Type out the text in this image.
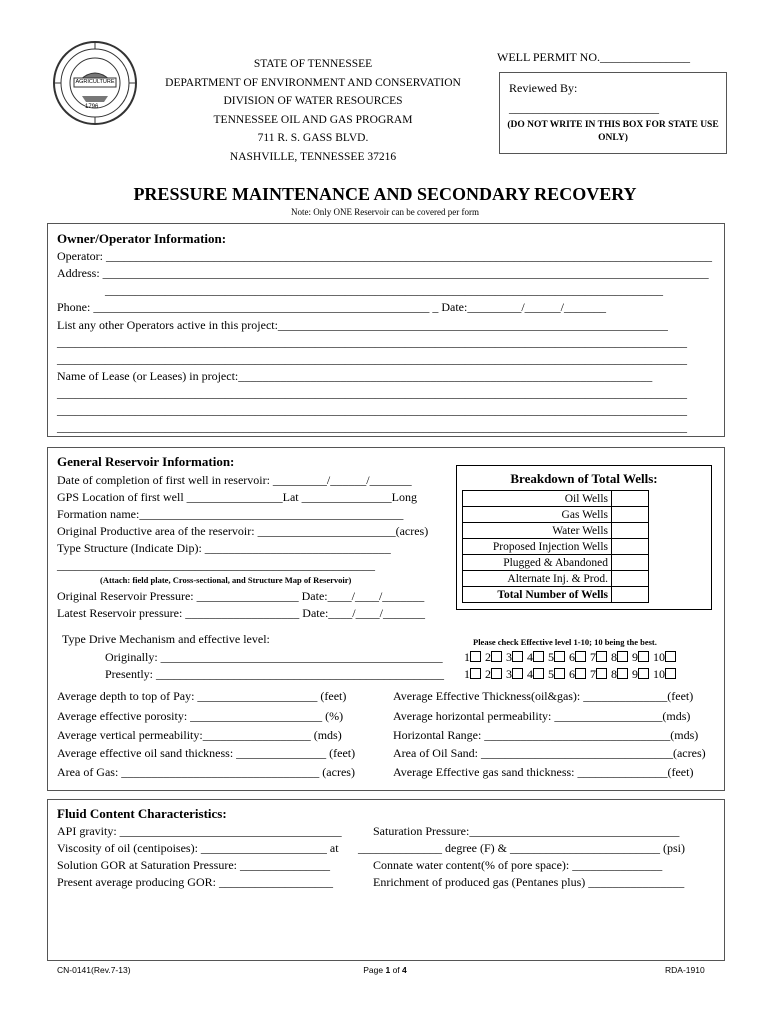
AGRICULTURE
1796
STATE OF TENNESSEE
DEPARTMENT OF ENVIRONMENT AND CONSERVATION
DIVISION OF WATER RESOURCES
TENNESSEE OIL AND GAS PROGRAM
711 R. S. GASS BLVD.
NASHVILLE, TENNESSEE 37216
WELL PERMIT NO._______________
Reviewed By:
_________________________
(DO NOT WRITE IN THIS BOX FOR STATE USE ONLY)
PRESSURE MAINTENANCE AND SECONDARY RECOVERY
Note: Only ONE Reservoir can be covered per form
Owner/Operator Information:
Operator: _____________________________________________________________________________________________________
Address: _____________________________________________________________________________________________________
_____________________________________________________________________________________________
Phone: ________________________________________________________ _ Date:_________/______/_______
List any other Operators active in this project:_________________________________________________________________
_________________________________________________________________________________________________________
_________________________________________________________________________________________________________
Name of Lease (or Leases) in project:_____________________________________________________________________
_________________________________________________________________________________________________________
_________________________________________________________________________________________________________
_________________________________________________________________________________________________________
General Reservoir Information:
Date of completion of first well in reservoir: _________/______/_______
GPS Location of first well ________________Lat _______________Long
Formation name:____________________________________________
Original Productive area of the reservoir: _______________________(acres)
Type Structure (Indicate Dip): _______________________________
_____________________________________________________
(Attach: field plate, Cross-sectional, and Structure Map of Reservoir)
Original Reservoir Pressure: _________________ Date:____/____/_______
Latest Reservoir pressure: ___________________ Date:____/____/_______
Breakdown of Total Wells:
Oil Wells	
Gas Wells	
Water Wells	
Proposed Injection Wells	
Plugged & Abandoned	
Alternate Inj. & Prod.	
Total Number of Wells	
Type Drive Mechanism and effective level:
Originally: _______________________________________________
Presently: ________________________________________________
Please check Effective level 1-10; 10 being the best.
1 2 3 4 5 6 7 8 9 10
1 2 3 4 5 6 7 8 9 10
Average depth to top of Pay: ____________________ (feet)
Average effective porosity: ______________________ (%)
Average vertical permeability:__________________ (mds)
Average effective oil sand thickness: _______________ (feet)
Area of Gas: _________________________________ (acres)
Average Effective Thickness(oil&gas): ______________(feet)
Average horizontal permeability: __________________(mds)
Horizontal Range: _______________________________(mds)
Area of Oil Sand: ________________________________(acres)
Average Effective gas sand thickness: _______________(feet)
Fluid Content Characteristics:
API gravity: _____________________________________
Viscosity of oil (centipoises): _____________________ at
Solution GOR at Saturation Pressure: _______________
Present average producing GOR: ___________________
Saturation Pressure:___________________________________
______________ degree (F) & _________________________ (psi)
Connate water content(% of pore space): _______________
Enrichment of produced gas (Pentanes plus) ________________
CN-0141(Rev.7-13)	Page 1 of 4	RDA-1910
